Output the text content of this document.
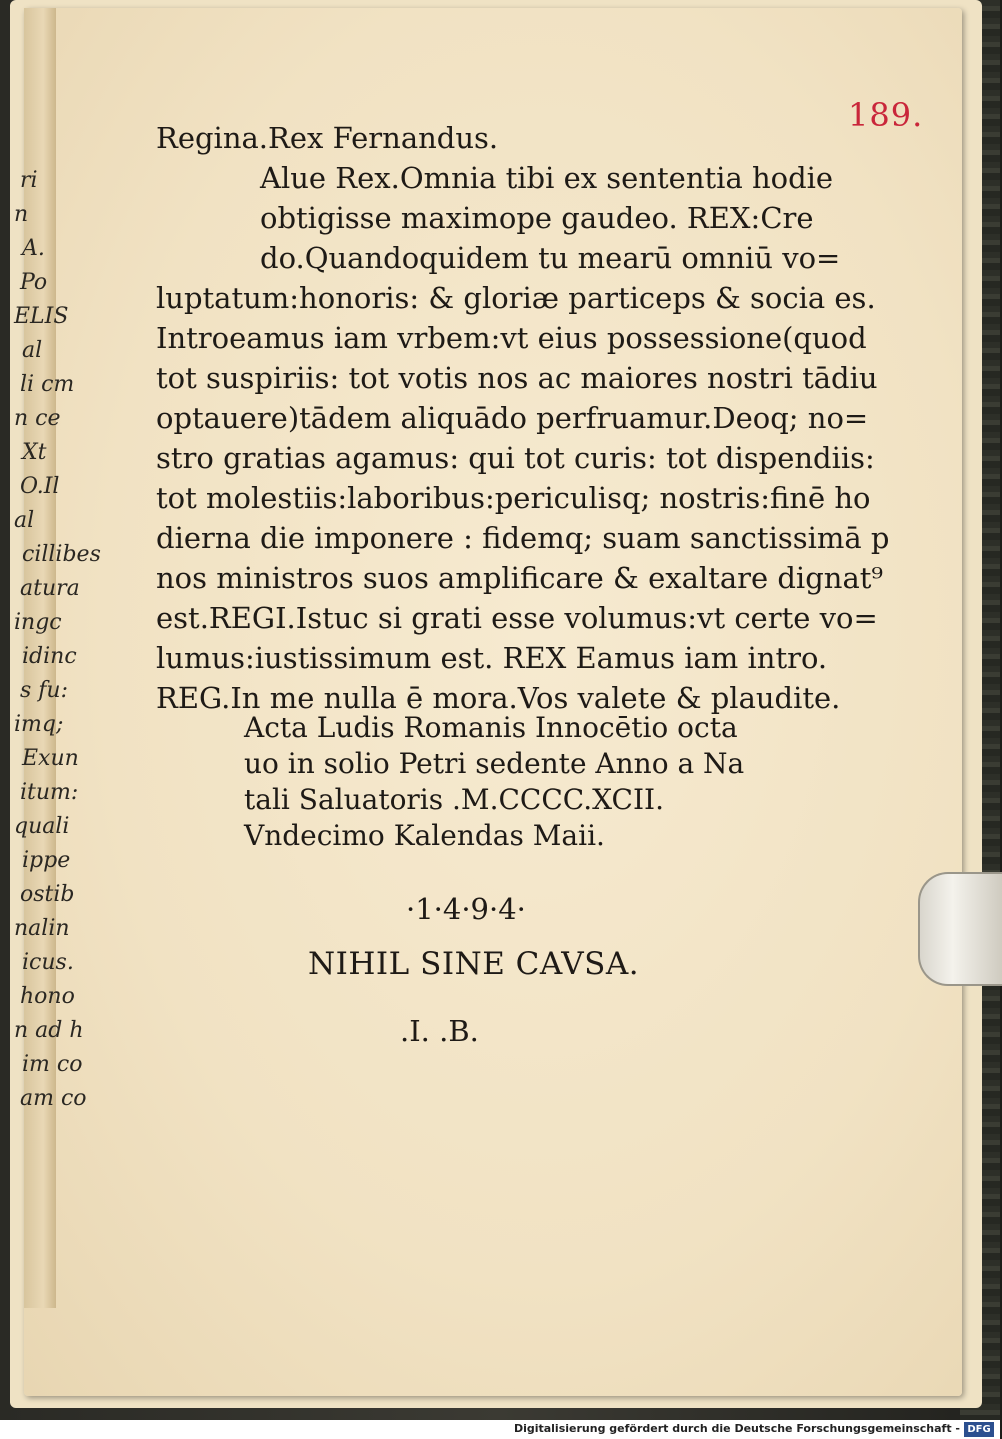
ri
n
A.
Po
ELIS
al
li cm
n ce
Xt
O.Il
al
cillibes
atura
ingc
idinc
s fu:
imq;
Exun
itum:
quali
ippe
ostib
nalin
icus.
hono
n ad h
im co
am co
189.
Regina.Rex Fernandus.
Alue Rex.Omnia tibi ex sententia hodie
obtigisse maximope gaudeo. REX:Cre
do.Quandoquidem tu mearū omniū vo=
luptatum:honoris: & gloriæ particeps & socia es.
Introeamus iam vrbem:vt eius possessione(quod
tot suspiriis: tot votis nos ac maiores nostri tādiu
optauere)tādem aliquādo perfruamur.Deoq; no=
stro gratias agamus: qui tot curis: tot dispendiis:
tot molestiis:laboribus:periculisq; nostris:finē ho
dierna die imponere : fidemq; suam sanctissimā p
nos ministros suos amplificare & exaltare dignat⁹
est.REGI.Istuc si grati esse volumus:vt certe vo=
lumus:iustissimum est. REX Eamus iam intro.
REG.In me nulla ē mora.Vos valete & plaudite.
Acta Ludis Romanis Innocētio octa
uo in solio Petri sedente Anno a Na
tali Saluatoris .M.CCCC.XCII.
Vndecimo Kalendas Maii.
·1·4·9·4·
NIHIL SINE CAVSA.
.I. .B.
Digitalisierung gefördert durch die Deutsche Forschungsgemeinschaft - DFG
